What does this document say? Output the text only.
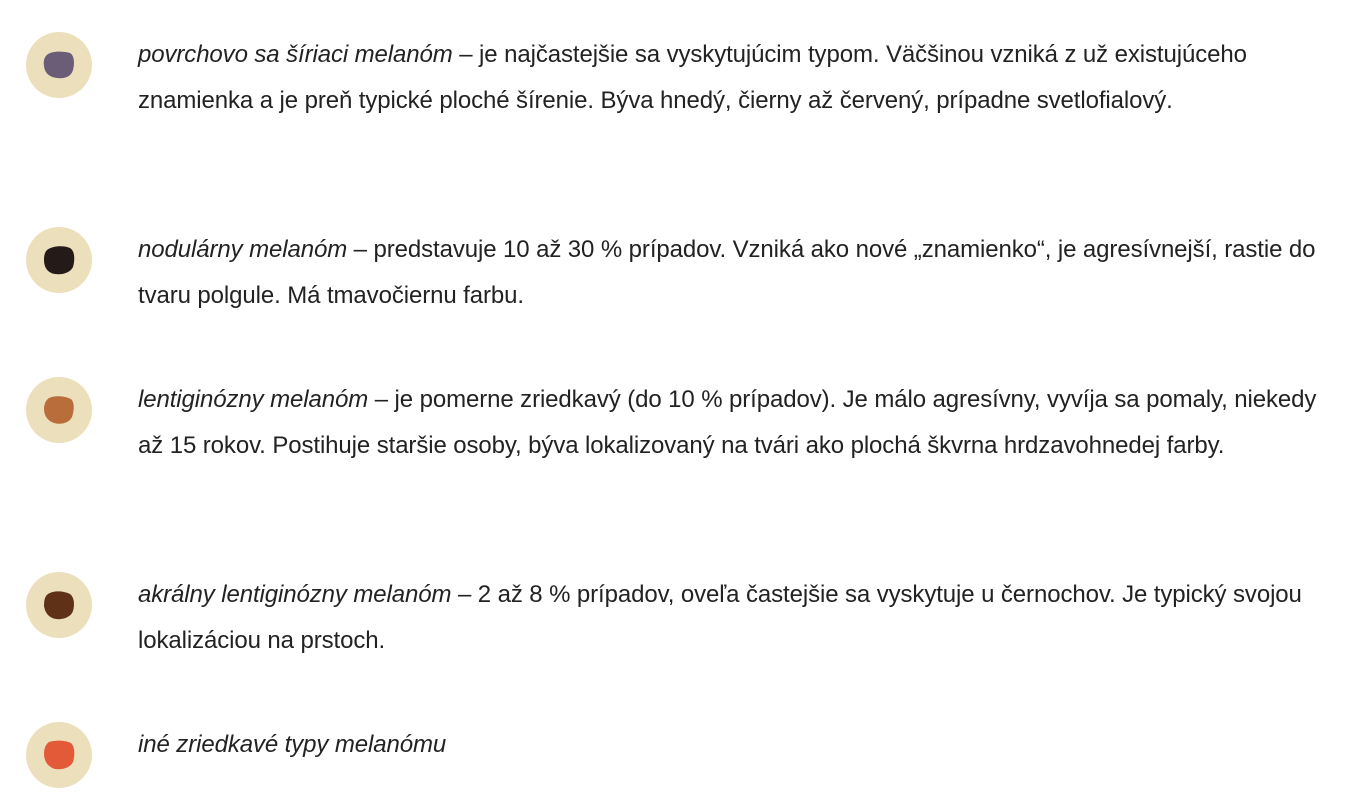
povrchovo sa šíriaci melanóm – je najčastejšie sa vyskytujúcim typom. Väčšinou vzniká z už existujúceho znamienka a je preň typické ploché šírenie. Býva hnedý, čierny až červený, prípadne svetlofialový.
nodulárny melanóm – predstavuje 10 až 30 % prípadov. Vzniká ako nové „znamienko“, je agresívnejší, rastie do tvaru polgule. Má tmavočiernu farbu.
lentiginózny melanóm – je pomerne zriedkavý (do 10 % prípadov). Je málo agresívny, vyvíja sa pomaly, niekedy až 15 rokov. Postihuje staršie osoby, býva lokalizovaný na tvári ako plochá škvrna hrdzavohnedej farby.
akrálny lentiginózny melanóm – 2 až 8 % prípadov, oveľa častejšie sa vyskytuje u černochov. Je typický svojou lokalizáciou na prstoch.
iné zriedkavé typy melanómu
